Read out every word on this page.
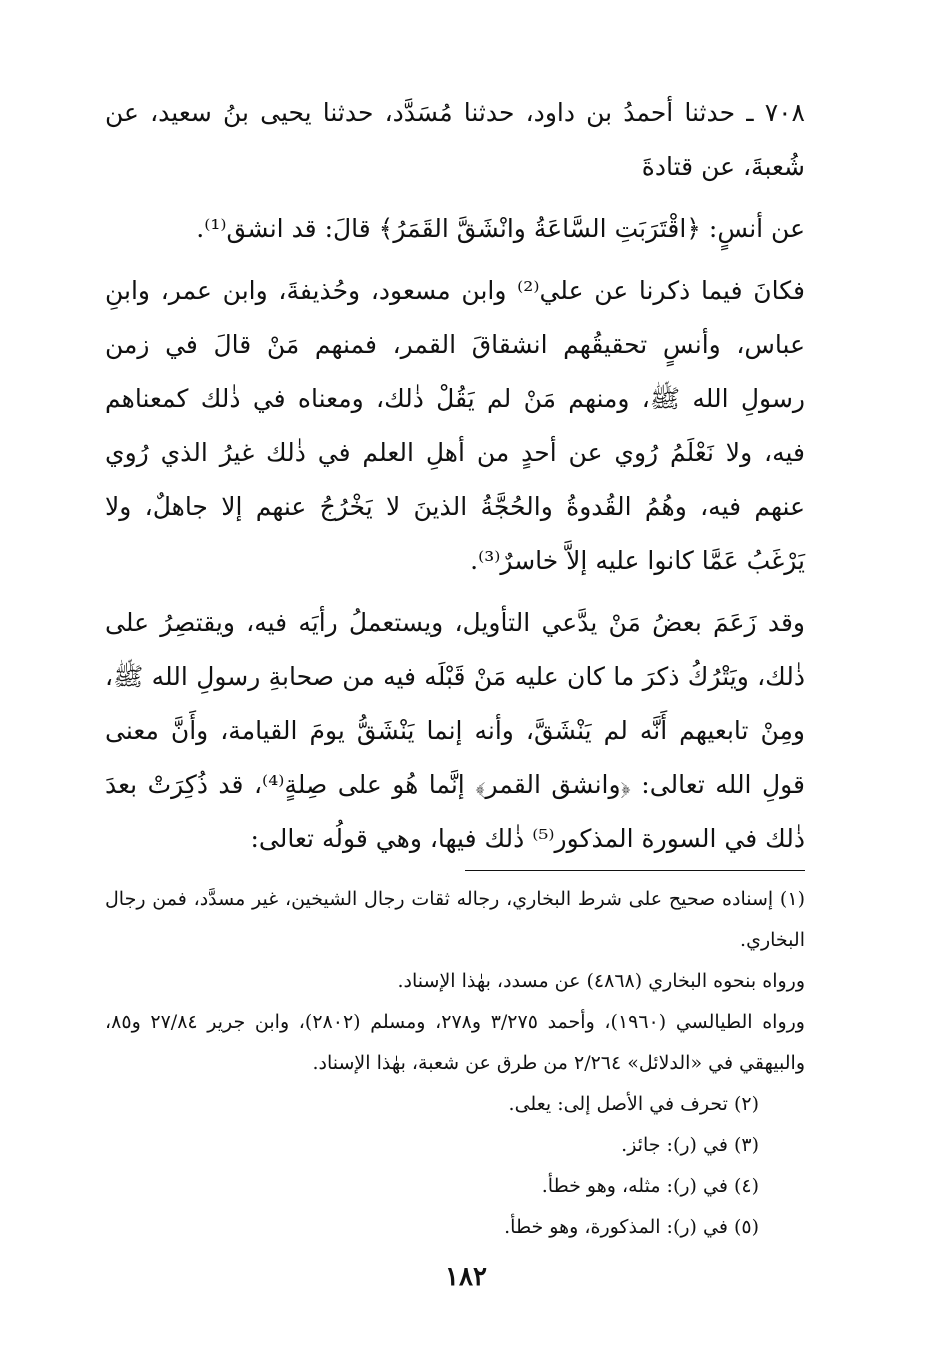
٧٠٨ ـ حدثنا أحمدُ بن داود، حدثنا مُسَدَّد، حدثنا يحيى بنُ سعيد، عن شُعبةَ، عن قتادةَ

عن أنسٍ: ﴿اقْتَرَبَتِ السَّاعَةُ وانْشَقَّ القَمَرُ﴾ قالَ: قد انشق⁽¹⁾.

فكانَ فيما ذكرنا عن علي⁽²⁾ وابن مسعود، وحُذيفةَ، وابن عمر، وابنِ عباس، وأنسٍ تحقيقُهم انشقاقَ القمر، فمنهم مَنْ قالَ في زمن رسولِ الله ﷺ، ومنهم مَنْ لم يَقُلْ ذٰلك، ومعناه في ذٰلك كمعناهم فيه، ولا نَعْلَمُ رُوي عن أحدٍ من أهلِ العلم في ذٰلك غيرُ الذي رُوي عنهم فيه، وهُمُ القُدوةُ والحُجَّةُ الذينَ لا يَخْرُجُ عنهم إلا جاهلٌ، ولا يَرْغَبُ عَمَّا كانوا عليه إلاَّ خاسرٌ⁽³⁾.

وقد زَعَمَ بعضُ مَنْ يدَّعي التأويل، ويستعملُ رأيَه فيه، ويقتصِرُ على ذٰلك، ويَتْرُكُ ذكرَ ما كان عليه مَنْ قَبْلَه فيه من صحابةِ رسولِ الله ﷺ، ومِنْ تابعيهم أَنَّه لم يَنْشَقَّ، وأنه إنما يَنْشَقُّ يومَ القيامة، وأَنَّ معنى قولِ الله تعالى: ﴿وانشق القمر﴾ إنَّما هُو على صِلةٍ⁽⁴⁾، قد ذُكِرَتْ بعدَ ذٰلك في السورة المذكور⁽⁵⁾ ذٰلك فيها، وهي قولُه تعالى:

(١) إسناده صحيح على شرط البخاري، رجاله ثقات رجال الشيخين، غير مسدَّد، فمن رجال البخاري.

ورواه بنحوه البخاري (٤٨٦٨) عن مسدد، بهٰذا الإسناد.

ورواه الطيالسي (١٩٦٠)، وأحمد ٣/٢٧٥ و٢٧٨، ومسلم (٢٨٠٢)، وابن جرير ٢٧/٨٤ و٨٥، والبيهقي في «الدلائل» ٢/٢٦٤ من طرق عن شعبة، بهٰذا الإسناد.

(٢) تحرف في الأصل إلى: يعلى.

(٣) في (ر): جائز.

(٤) في (ر): مثله، وهو خطأ.

(٥) في (ر): المذكورة، وهو خطأ.

١٨٢
